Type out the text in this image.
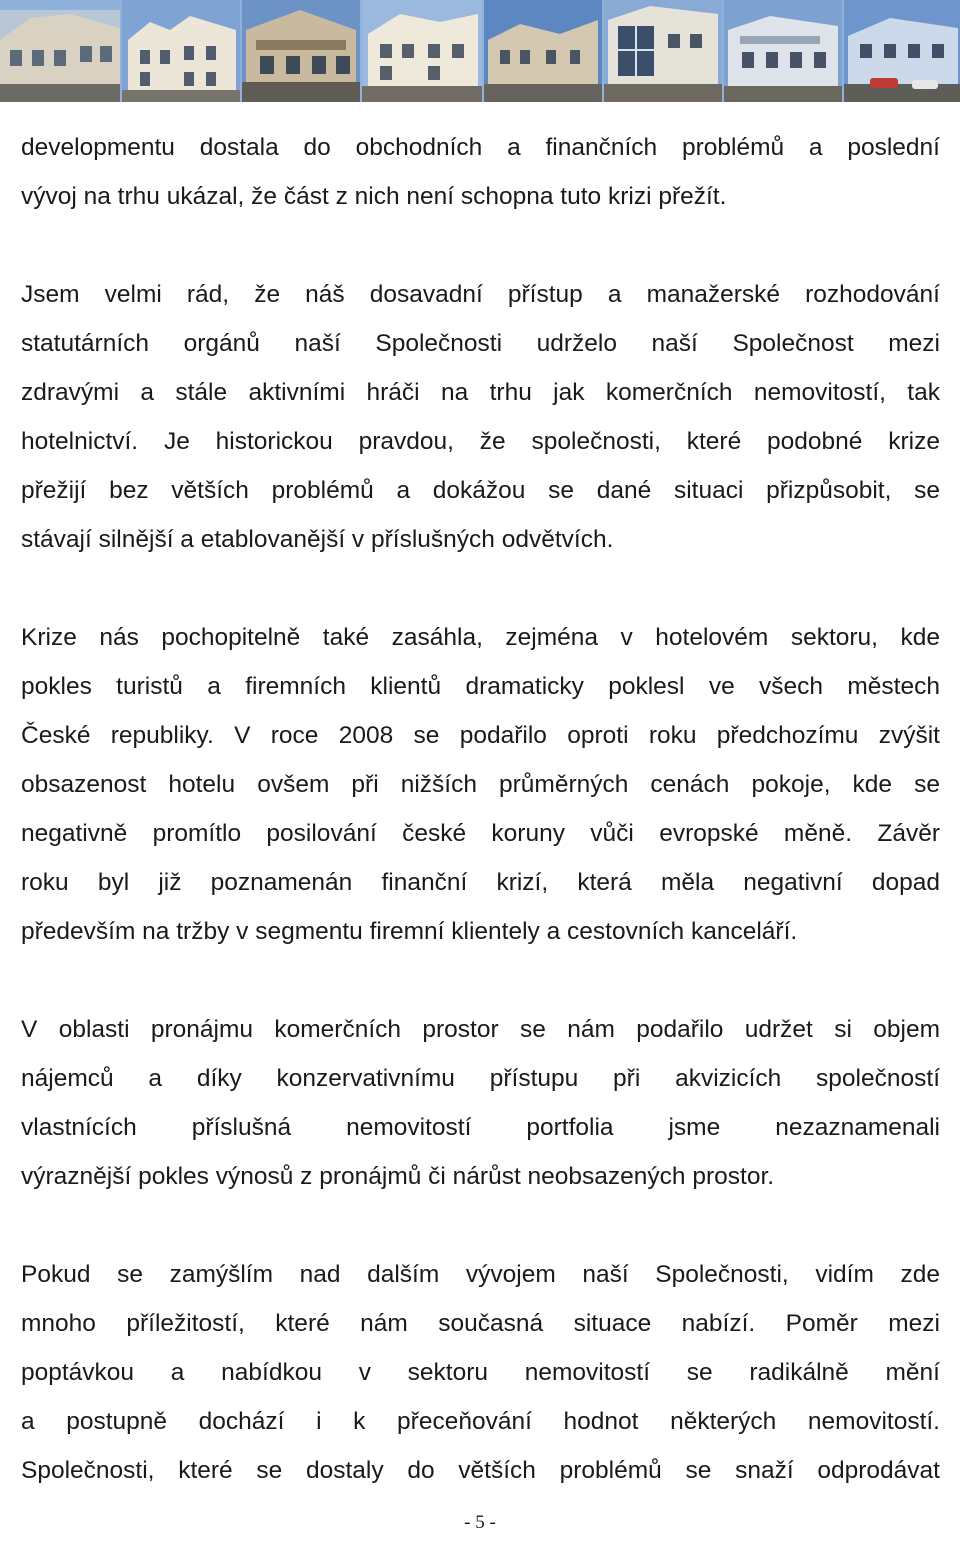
developmentu dostala do obchodních a finančních problémů a poslední
vývoj na trhu ukázal, že část z nich není schopna tuto krizi přežít.

Jsem velmi rád, že náš dosavadní přístup a manažerské rozhodování
statutárních orgánů naší Společnosti udrželo naší Společnost mezi
zdravými a stále aktivními hráči na trhu jak komerčních nemovitostí, tak
hotelnictví. Je historickou pravdou, že společnosti, které podobné krize
přežijí bez větších problémů a dokážou se dané situaci přizpůsobit, se
stávají silnější a etablovanější v příslušných odvětvích.

Krize nás pochopitelně také zasáhla, zejména v hotelovém sektoru, kde
pokles turistů a firemních klientů dramaticky poklesl ve všech městech
České republiky. V roce 2008 se podařilo oproti roku předchozímu zvýšit
obsazenost hotelu ovšem při nižších průměrných cenách pokoje, kde se
negativně promítlo posilování české koruny vůči evropské měně. Závěr
roku byl již poznamenán finanční krizí, která měla negativní dopad
především na tržby v segmentu firemní klientely a cestovních kanceláří.

V oblasti pronájmu komerčních prostor se nám podařilo udržet si objem
nájemců a díky konzervativnímu přístupu při akvizicích společností
vlastnících příslušná nemovitostí portfolia jsme nezaznamenali
výraznější pokles výnosů z pronájmů či nárůst neobsazených prostor.

Pokud se zamýšlím nad dalším vývojem naší Společnosti, vidím zde
mnoho příležitostí, které nám současná situace nabízí. Poměr mezi
poptávkou a nabídkou v sektoru nemovitostí se radikálně mění
a postupně dochází i k přeceňování hodnot některých nemovitostí.
Společnosti, které se dostaly do větších problémů se snaží odprodávat

- 5 -
